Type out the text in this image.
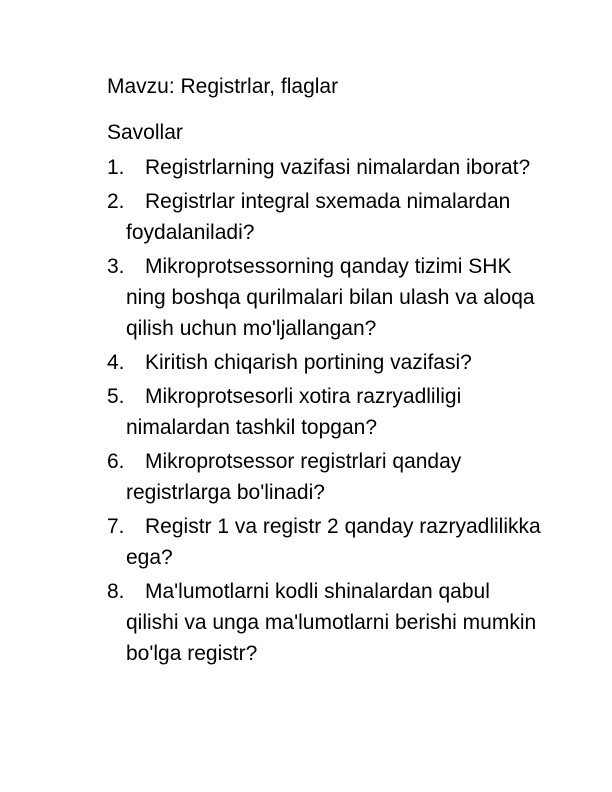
Mavzu: Registrlar, flaglar
Savollar
1. Registrlarning vazifasi nimalardan iborat?
2. Registrlar integral sxemada nimalardan foydalaniladi?
3. Mikroprotsessorning qanday tizimi SHK ning boshqa qurilmalari bilan ulash va aloqa qilish uchun mo'ljallangan?
4. Kiritish chiqarish portining vazifasi?
5. Mikroprotsesorli xotira razryadliligi nimalardan tashkil topgan?
6. Mikroprotsessor registrlari qanday registrlarga bo'linadi?
7. Registr 1 va registr 2 qanday razryadlilikka ega?
8. Ma'lumotlarni kodli shinalardan qabul qilishi va unga ma'lumotlarni berishi mumkin bo'lga registr?
